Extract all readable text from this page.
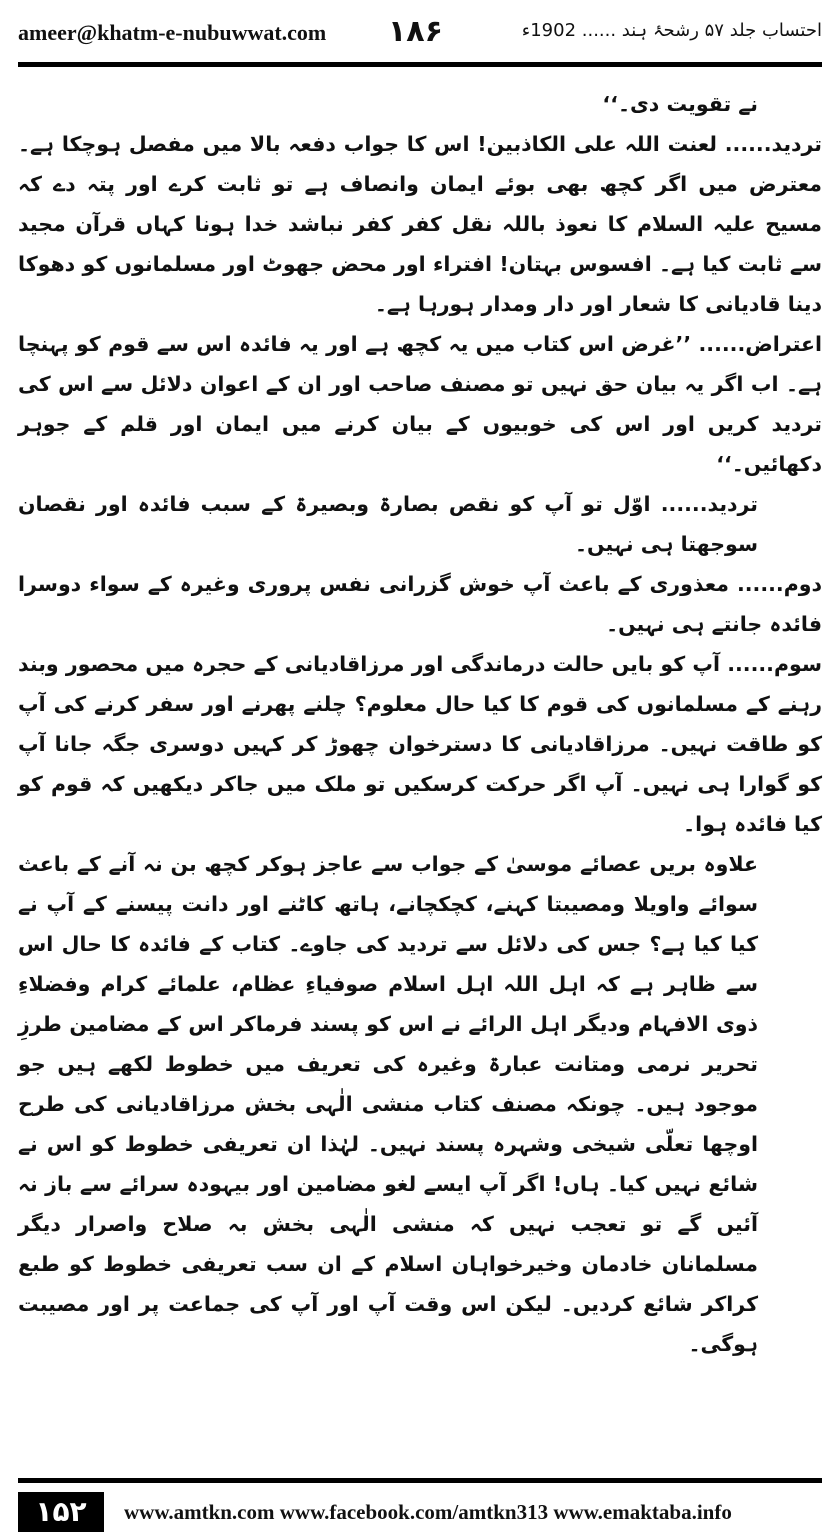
ameer@khatm-e-nubuwwat.com ۱۸۶	احتساب جلد ۵۷ رشحۂ ہند ...... 1902ء

نے تقویت دی۔‘‘

تردید...... لعنت اللہ علی الکاذبین! اس کا جواب دفعہ بالا میں مفصل ہوچکا ہے۔ معترض میں اگر کچھ بھی بوئے ایمان وانصاف ہے تو ثابت کرے اور پتہ دے کہ مسیح علیہ السلام کا نعوذ باللہ نقل کفر کفر نباشد خدا ہونا کہاں قرآن مجید سے ثابت کیا ہے۔ افسوس بہتان! افتراء اور محض جھوٹ اور مسلمانوں کو دھوکا دینا قادیانی کا شعار اور دار ومدار ہورہا ہے۔

اعتراض...... ’’غرض اس کتاب میں یہ کچھ ہے اور یہ فائدہ اس سے قوم کو پہنچا ہے۔ اب اگر یہ بیان حق نہیں تو مصنف صاحب اور ان کے اعوان دلائل سے اس کی تردید کریں اور اس کی خوبیوں کے بیان کرنے میں ایمان اور قلم کے جوہر دکھائیں۔‘‘

تردید...... اوّل تو آپ کو نقص بصارۃ وبصیرۃ کے سبب فائدہ اور نقصان سوجھتا ہی نہیں۔

دوم...... معذوری کے باعث آپ خوش گزرانی نفس پروری وغیرہ کے سواء دوسرا فائدہ جانتے ہی نہیں۔

سوم...... آپ کو بایں حالت درماندگی اور مرزاقادیانی کے حجرہ میں محصور وبند رہنے کے مسلمانوں کی قوم کا کیا حال معلوم؟ چلنے پھرنے اور سفر کرنے کی آپ کو طاقت نہیں۔ مرزاقادیانی کا دسترخوان چھوڑ کر کہیں دوسری جگہ جانا آپ کو گوارا ہی نہیں۔ آپ اگر حرکت کرسکیں تو ملک میں جاکر دیکھیں کہ قوم کو کیا فائدہ ہوا۔

علاوہ بریں عصائے موسیٰ کے جواب سے عاجز ہوکر کچھ بن نہ آنے کے باعث سوائے واویلا ومصیبتا کہنے، کچکچانے، ہاتھ کاٹنے اور دانت پیسنے کے آپ نے کیا کیا ہے؟ جس کی دلائل سے تردید کی جاوے۔ کتاب کے فائدہ کا حال اس سے ظاہر ہے کہ اہل اللہ اہل اسلام صوفیاءِ عظام، علمائے کرام وفضلاءِ ذوی الافہام ودیگر اہل الرائے نے اس کو پسند فرماکر اس کے مضامین طرزِ تحریر نرمی ومتانت عبارۃ وغیرہ کی تعریف میں خطوط لکھے ہیں جو موجود ہیں۔ چونکہ مصنف کتاب منشی الٰہی بخش مرزاقادیانی کی طرح اوچھا تعلّی شیخی وشہرہ پسند نہیں۔ لہٰذا ان تعریفی خطوط کو اس نے شائع نہیں کیا۔ ہاں! اگر آپ ایسے لغو مضامین اور بیہودہ سرائے سے باز نہ آئیں گے تو تعجب نہیں کہ منشی الٰہی بخش بہ صلاح واصرار دیگر مسلمانان خادمان وخیرخواہان اسلام کے ان سب تعریفی خطوط کو طبع کراکر شائع کردیں۔ لیکن اس وقت آپ اور آپ کی جماعت پر اور مصیبت ہوگی۔

۱۵۲	www.amtkn.com www.facebook.com/amtkn313 www.emaktaba.info
